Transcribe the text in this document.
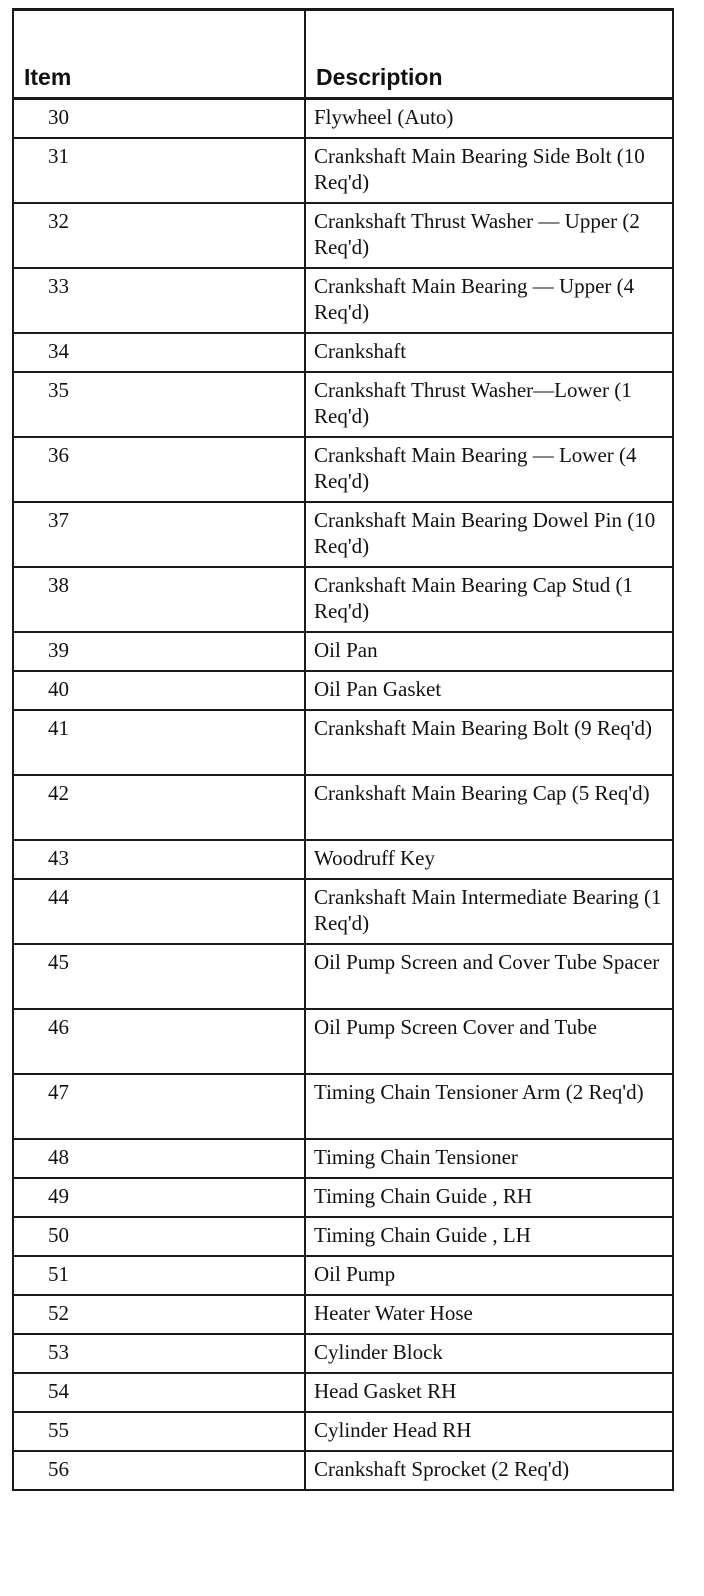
Item	Description
30	Flywheel (Auto)
31	Crankshaft Main Bearing Side Bolt (10 Req'd)
32	Crankshaft Thrust Washer — Upper (2 Req'd)
33	Crankshaft Main Bearing — Upper (4 Req'd)
34	Crankshaft
35	Crankshaft Thrust Washer—Lower (1 Req'd)
36	Crankshaft Main Bearing — Lower (4 Req'd)
37	Crankshaft Main Bearing Dowel Pin (10 Req'd)
38	Crankshaft Main Bearing Cap Stud (1 Req'd)
39	Oil Pan
40	Oil Pan Gasket
41	Crankshaft Main Bearing Bolt (9 Req'd)
42	Crankshaft Main Bearing Cap (5 Req'd)
43	Woodruff Key
44	Crankshaft Main Intermediate Bearing (1 Req'd)
45	Oil Pump Screen and Cover Tube Spacer
46	Oil Pump Screen Cover and Tube
47	Timing Chain Tensioner Arm (2 Req'd)
48	Timing Chain Tensioner
49	Timing Chain Guide , RH
50	Timing Chain Guide , LH
51	Oil Pump
52	Heater Water Hose
53	Cylinder Block
54	Head Gasket RH
55	Cylinder Head RH
56	Crankshaft Sprocket (2 Req'd)
